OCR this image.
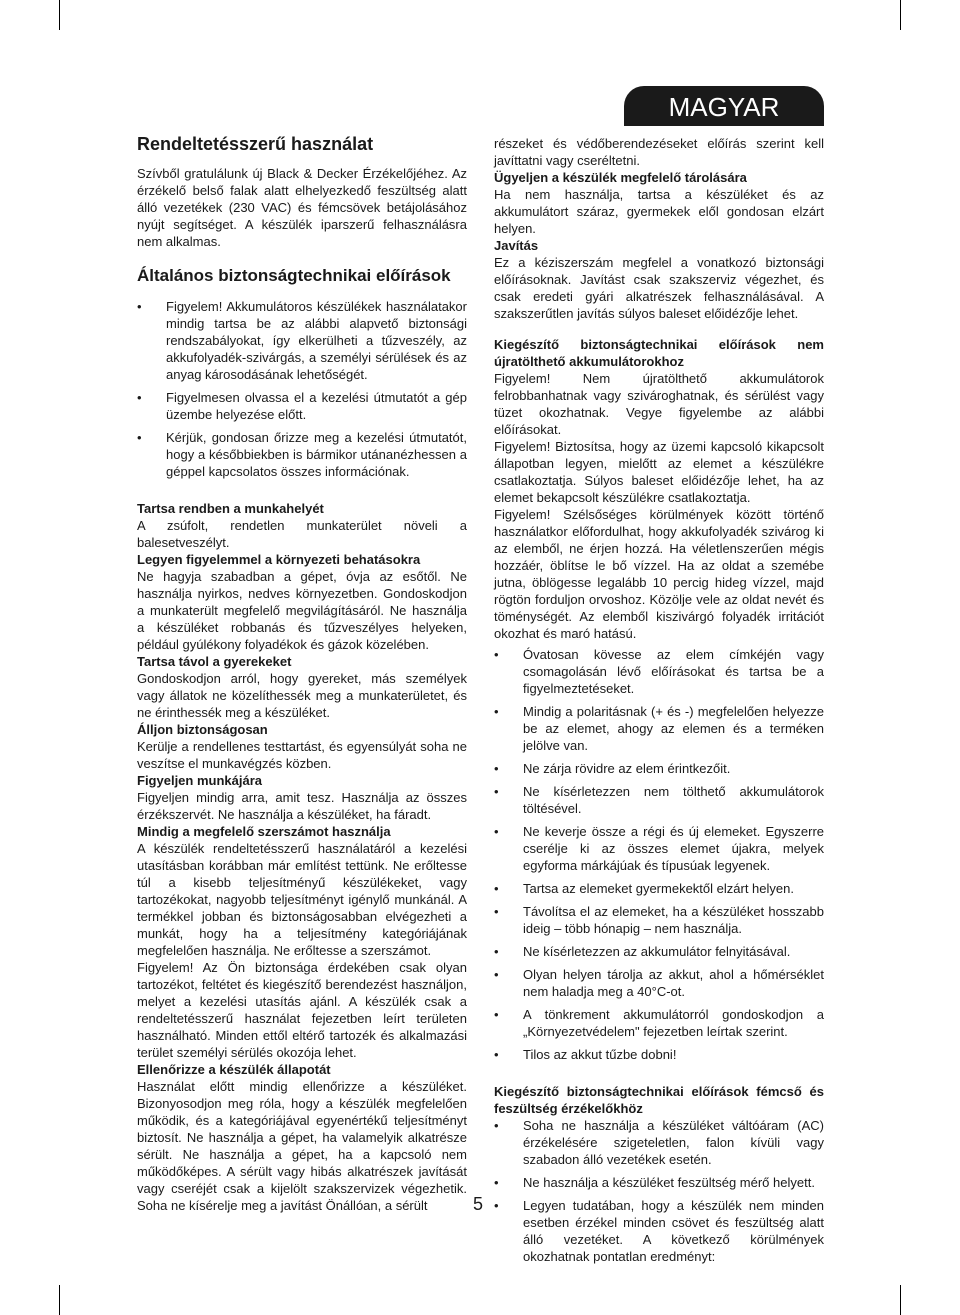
MAGYAR
Rendeltetésszerű használat

Szívből gratulálunk új Black & Decker Érzékelőjéhez. Az érzékelő belső falak alatt elhelyezkedő feszültség alatt álló vezetékek (230 VAC) és fémcsövek betájolásához nyújt segítséget. A készülék iparszerű felhasználásra nem alkalmas.

Általános biztonságtechnikai előírások
• Figyelem! Akkumulátoros készülékek használatakor mindig tartsa be az alábbi alapvető biztonsági rendszabályokat, így elkerülheti a tűzveszély, az akkufolyadék-szivárgás, a személyi sérülések és az anyag károsodásának lehetőségét.
• Figyelmesen olvassa el a kezelési útmutatót a gép üzembe helyezése előtt.
• Kérjük, gondosan őrizze meg a kezelési útmutatót, hogy a későbbiekben is bármikor utánanézhessen a géppel kapcsolatos összes információnak.

Tartsa rendben a munkahelyét

A zsúfolt, rendetlen munkaterület növeli a balesetveszélyt.

Legyen figyelemmel a környezeti behatásokra

Ne hagyja szabadban a gépet, óvja az esőtől. Ne használja nyirkos, nedves környezetben. Gondoskodjon a munkaterült megfelelő megvilágításáról. Ne használja a készüléket robbanás és tűzveszélyes helyeken, például gyúlékony folyadékok és gázok közelében.

Tartsa távol a gyerekeket

Gondoskodjon arról, hogy gyereket, más személyek vagy állatok ne közelíthessék meg a munkaterületet, és ne érinthessék meg a készüléket.

Álljon biztonságosan

Kerülje a rendellenes testtartást, és egyensúlyát soha ne veszítse el munkavégzés közben.

Figyeljen munkájára

Figyeljen mindig arra, amit tesz. Használja az összes érzékszervét. Ne használja a készüléket, ha fáradt.

Mindig a megfelelő szerszámot használja

A készülék rendeltetésszerű használatáról a kezelési utasításban korábban már említést tettünk. Ne erőltesse túl a kisebb teljesítményű készülékeket, vagy tartozékokat, nagyobb teljesítményt igénylő munkánál. A termékkel jobban és biztonságosabban elvégezheti a munkát, hogy ha a teljesítmény kategóriájának megfelelően használja. Ne erőltesse a szerszámot.

Figyelem! Az Ön biztonsága érdekében csak olyan tartozékot, feltétet és kiegészítő berendezést használjon, melyet a kezelési utasítás ajánl. A készülék csak a rendeltetésszerű használat fejezetben leírt területen használható. Minden ettől eltérő tartozék és alkalmazási terület személyi sérülés okozója lehet.

Ellenőrizze a készülék állapotát

Használat előtt mindig ellenőrizze a készüléket. Bizonyosodjon meg róla, hogy a készülék megfelelően működik, és a kategóriájával egyenértékű teljesítményt biztosít. Ne használja a gépet, ha valamelyik alkatrésze sérült. Ne használja a gépet, ha a kapcsoló nem működőképes. A sérült vagy hibás alkatrészek javítását vagy cseréjét csak a kijelölt szakszervizek végezhetik. Soha ne kísérelje meg a javítást Önállóan, a sérült

részeket és védőberendezéseket előírás szerint kell javíttatni vagy cseréltetni.

Ügyeljen a készülék megfelelő tárolására

Ha nem használja, tartsa a készüléket és az akkumulátort száraz, gyermekek elől gondosan elzárt helyen.

Javítás

Ez a kéziszerszám megfelel a vonatkozó biztonsági előírásoknak. Javítást csak szakszerviz végezhet, és csak eredeti gyári alkatrészek felhasználásával. A szakszerűtlen javítás súlyos baleset előidézője lehet.

Kiegészítő biztonságtechnikai előírások nem újratölthető akkumulátorokhoz

Figyelem! Nem újratölthető akkumulátorok felrobbanhatnak vagy szivároghatnak, és sérülést vagy tüzet okozhatnak. Vegye figyelembe az alábbi előírásokat.

Figyelem! Biztosítsa, hogy az üzemi kapcsoló kikapcsolt állapotban legyen, mielőtt az elemet a készülékre csatlakoztatja. Súlyos baleset előidézője lehet, ha az elemet bekapcsolt készülékre csatlakoztatja.

Figyelem! Szélsőséges körülmények között történő használatkor előfordulhat, hogy akkufolyadék szivárog ki az elemből, ne érjen hozzá. Ha véletlenszerűen mégis hozzáér, öblítse le bő vízzel. Ha az oldat a szemébe jutna, öblögesse legalább 10 percig hideg vízzel, majd rögtön forduljon orvoshoz. Közölje vele az oldat nevét és töménységét. Az elemből kiszivárgó folyadék irritációt okozhat és maró hatású.

• Óvatosan kövesse az elem címkéjén vagy csomagolásán lévő előírásokat és tartsa be a figyelmeztetéseket.
• Mindig a polaritásnak (+ és -) megfelelően helyezze be az elemet, ahogy az elemen és a terméken jelölve van.
• Ne zárja rövidre az elem érintkezőit.
• Ne kísérletezzen nem tölthető akkumulátorok töltésével.
• Ne keverje össze a régi és új elemeket. Egyszerre cserélje ki az összes elemet újakra, melyek egyforma márkájúak és típusúak legyenek.
• Tartsa az elemeket gyermekektől elzárt helyen.
• Távolítsa el az elemeket, ha a készüléket hosszabb ideig – több hónapig – nem használja.
• Ne kísérletezzen az akkumulátor felnyitásával.
• Olyan helyen tárolja az akkut, ahol a hőmérséklet nem haladja meg a 40°C-ot.
• A tönkrement akkumulátorról gondoskodjon a „Környezetvédelem" fejezetben leírtak szerint.
• Tilos az akkut tűzbe dobni!

Kiegészítő biztonságtechnikai előírások fémcső és feszültség érzékelőkhöz

• Soha ne használja a készüléket váltóáram (AC) érzékelésére szigeteletlen, falon kívüli vagy szabadon álló vezetékek esetén.
• Ne használja a készüléket feszültség mérő helyett.
• Legyen tudatában, hogy a készülék nem minden esetben érzékel minden csövet és feszültség alatt álló vezetéket. A következő körülmények okozhatnak pontatlan eredményt:
5
